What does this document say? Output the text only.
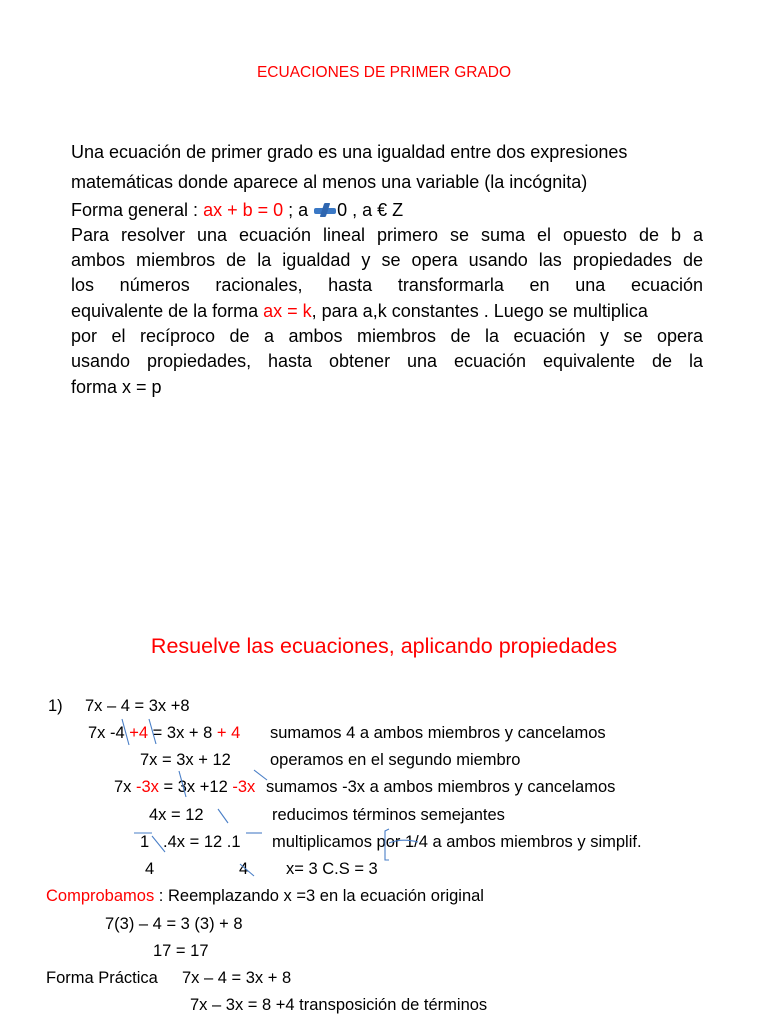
ECUACIONES DE PRIMER GRADO
Una ecuación de primer grado es una igualdad entre dos expresiones
matemáticas donde aparece al menos una variable (la incógnita)
Forma general : ax + b = 0 ; a 0 , a € Z
Para resolver una ecuación lineal primero se suma el opuesto de b a
ambos miembros de la igualdad y se opera usando las propiedades de
los números racionales, hasta transformarla en una ecuación
equivalente de la forma ax = k, para a,k constantes . Luego se multiplica
por el recíproco de a ambos miembros de la ecuación y se opera
usando propiedades, hasta obtener una ecuación equivalente de la
forma x = p
Resuelve las ecuaciones, aplicando propiedades
1) 7x – 4 = 3x +8
7x -4 +4 = 3x + 8 + 4 sumamos 4 a ambos miembros y cancelamos
7x = 3x + 12 operamos en el segundo miembro
7x -3x = 3x +12 -3x sumamos -3x a ambos miembros y cancelamos
4x = 12	reducimos términos semejantes
1 .4x = 12 .1 multiplicamos por 1/4 a ambos miembros y simplif.
4	4 x= 3 C.S = 3
Comprobamos : Reemplazando x =3 en la ecuación original
7(3) – 4 = 3 (3) + 8
17 = 17
Forma Práctica 7x – 4 = 3x + 8
7x – 3x = 8 +4 transposición de términos
